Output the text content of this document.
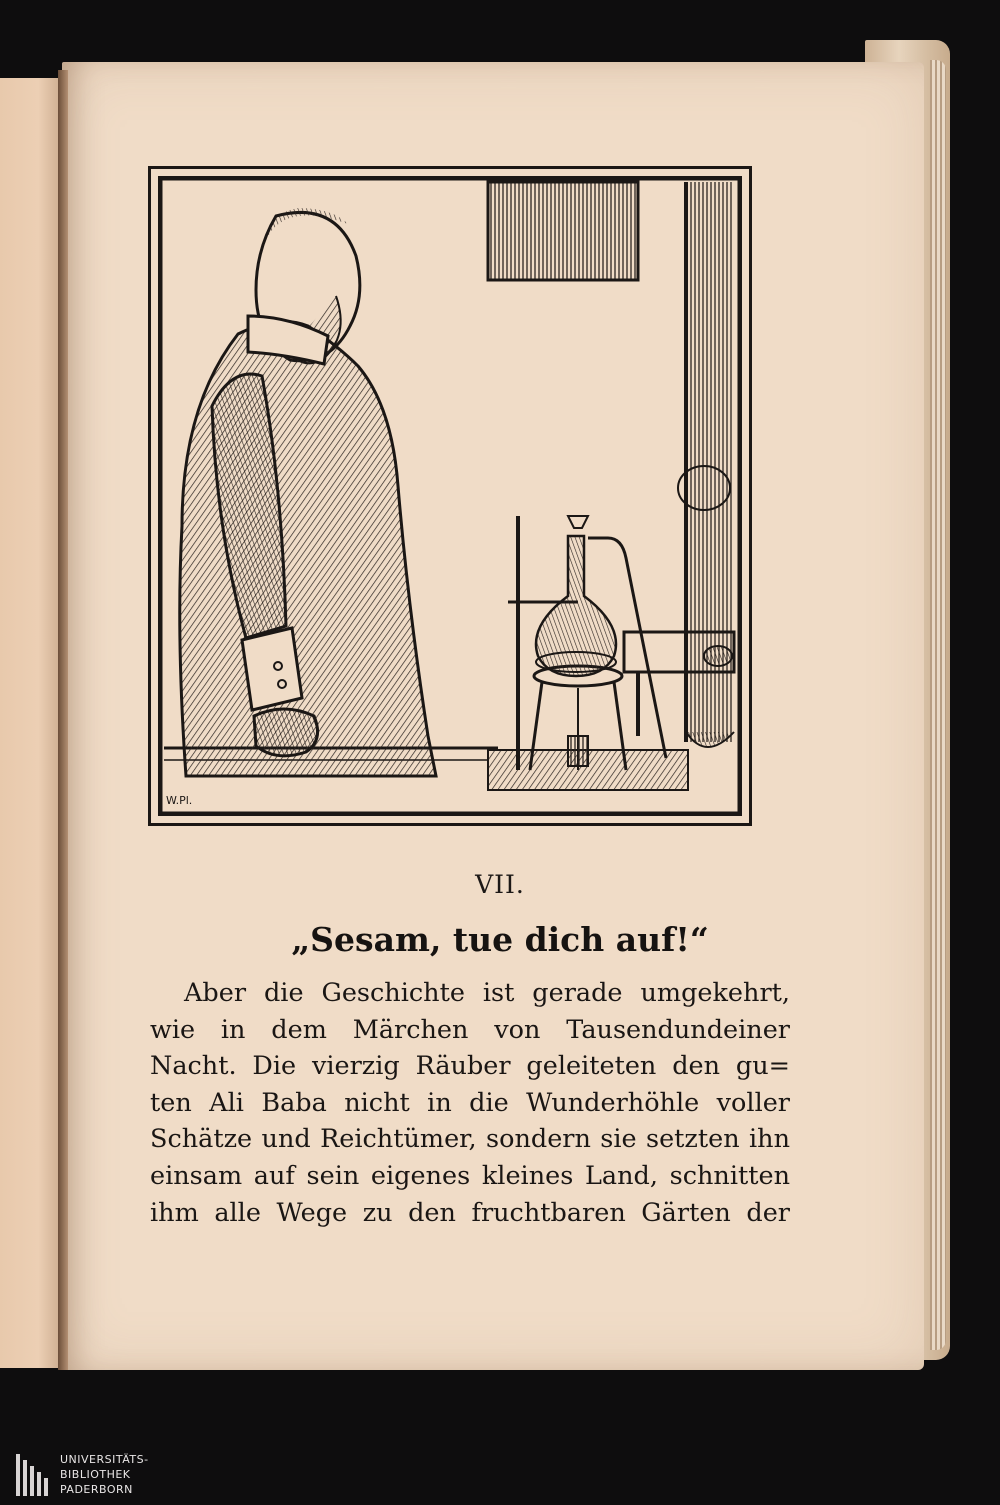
W.Pl.
VII.
„Sesam, tue dich auf!“
Aber die Geschichte ist gerade umgekehrt,
wie in dem Märchen von Tausendundeiner
Nacht. Die vierzig Räuber geleiteten den gu=
ten Ali Baba nicht in die Wunderhöhle voller
Schätze und Reichtümer, sondern sie setzten ihn
einsam auf sein eigenes kleines Land, schnitten
ihm alle Wege zu den fruchtbaren Gärten der
UNIVERSITÄTS-
BIBLIOTHEK
PADERBORN
